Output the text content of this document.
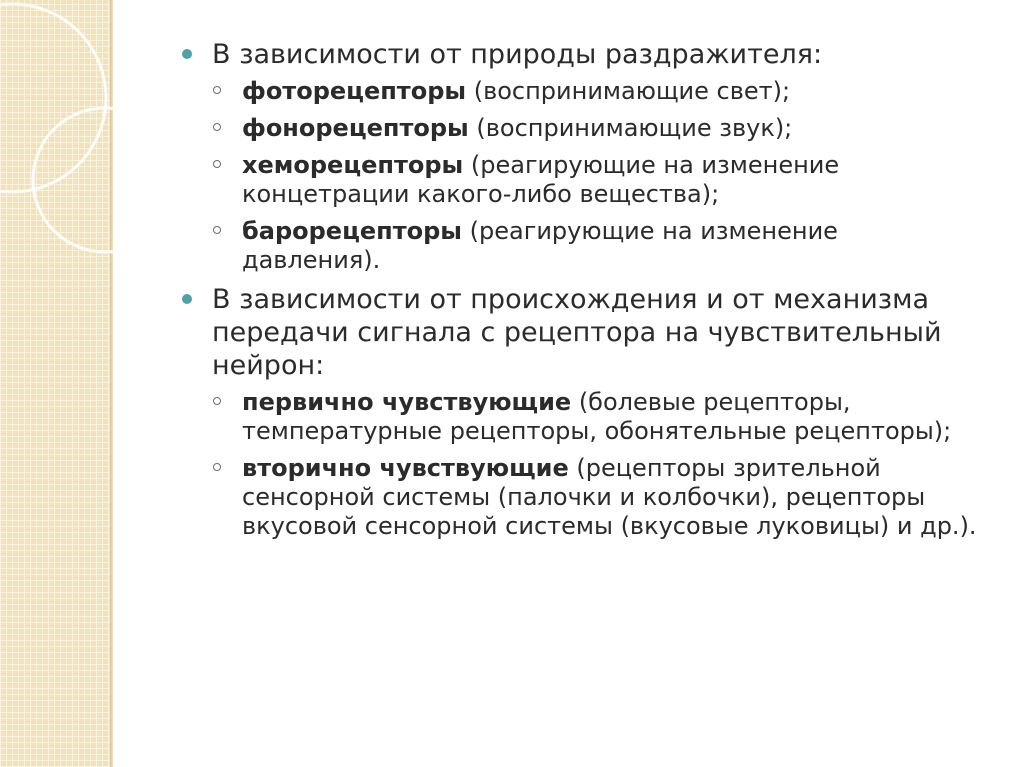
В зависимости от природы раздражителя:
фоторецепторы (воспринимающие свет);
фонорецепторы (воспринимающие звук);
хеморецепторы (реагирующие на изменение концетрации какого-либо вещества);
барорецепторы (реагирующие на изменение давления).
В зависимости от происхождения и от механизма передачи сигнала с рецептора на чувствительный нейрон:
первично чувствующие (болевые рецепторы, температурные рецепторы, обонятельные рецепторы);
вторично чувствующие (рецепторы зрительной сенсорной системы (палочки и колбочки), рецепторы вкусовой сенсорной системы (вкусовые луковицы) и др.).
